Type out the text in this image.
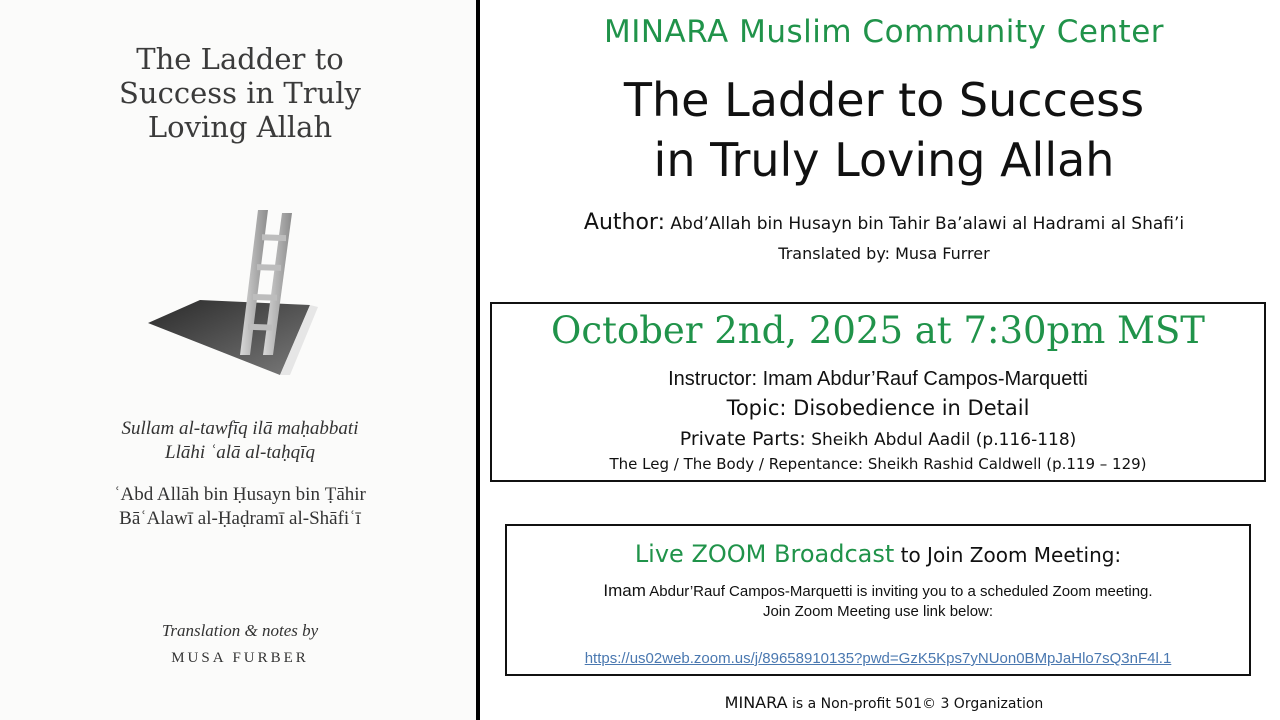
The Ladder to
Success in Truly
Loving Allah
Sullam al-tawfīq ilā maḥabbati
Llāhi ʿalā al-taḥqīq
ʿAbd Allāh bin Ḥusayn bin Ṭāhir
BāʿAlawī al-Ḥaḍramī al-Shāfiʿī
Translation & notes by
MUSA FURBER
MINARA Muslim Community Center
The Ladder to Success
in Truly Loving Allah
Author: Abd’Allah bin Husayn bin Tahir Ba’alawi al Hadrami al Shafi’i
Translated by: Musa Furrer
October 2nd, 2025 at 7:30pm MST
Instructor: Imam Abdur’Rauf Campos-Marquetti
Topic: Disobedience in Detail
Private Parts: Sheikh Abdul Aadil (p.116-118)
The Leg / The Body / Repentance: Sheikh Rashid Caldwell (p.119 – 129)
Live ZOOM Broadcast to Join Zoom Meeting:
Imam Abdur’Rauf Campos-Marquetti is inviting you to a scheduled Zoom meeting.
Join Zoom Meeting use link below:
https://us02web.zoom.us/j/89658910135?pwd=GzK5Kps7yNUon0BMpJaHlo7sQ3nF4l.1
MINARA is a Non-profit 501© 3 Organization
